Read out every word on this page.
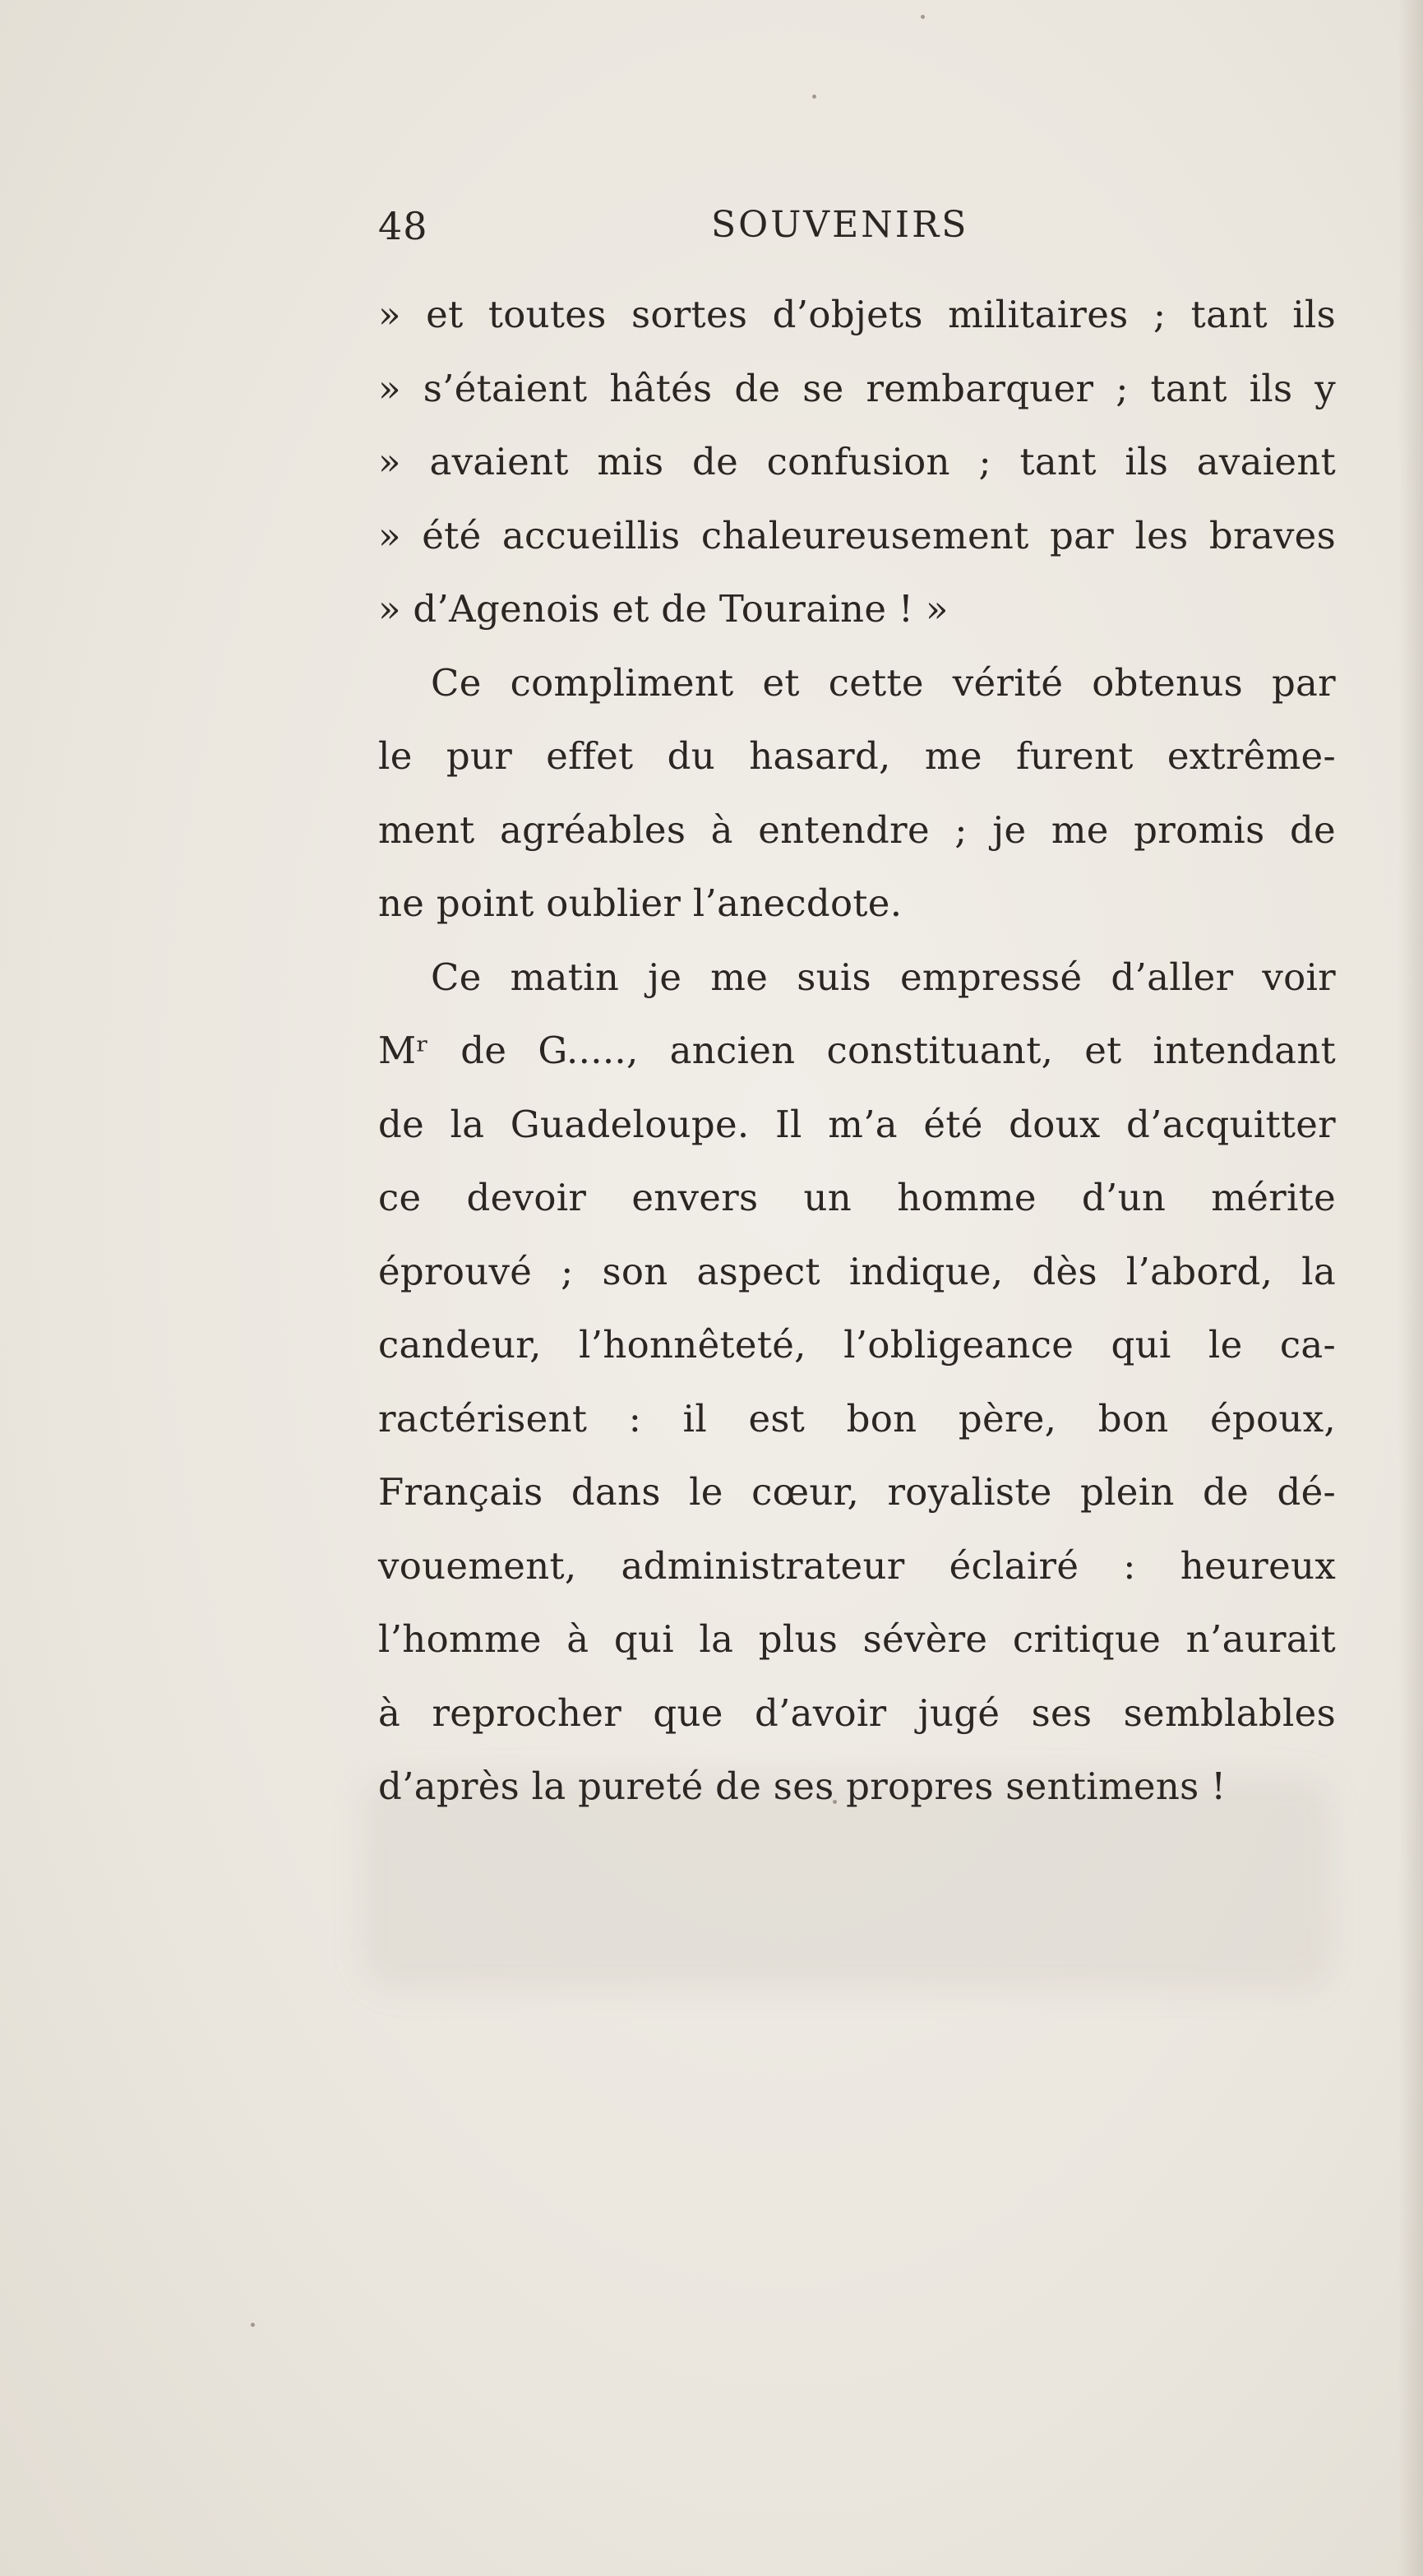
48	SOUVENIRS
» et toutes sortes d’objets militaires ; tant ils
» s’étaient hâtés de se rembarquer ; tant ils y
» avaient mis de confusion ; tant ils avaient
» été accueillis chaleureusement par les braves
» d’Agenois et de Touraine ! »
Ce compliment et cette vérité obtenus par
le pur effet du hasard, me furent extrême-
ment agréables à entendre ; je me promis de
ne point oublier l’anecdote.
Ce matin je me suis empressé d’aller voir
Mʳ de G....., ancien constituant, et intendant
de la Guadeloupe. Il m’a été doux d’acquitter
ce devoir envers un homme d’un mérite
éprouvé ; son aspect indique, dès l’abord, la
candeur, l’honnêteté, l’obligeance qui le ca-
ractérisent : il est bon père, bon époux,
Français dans le cœur, royaliste plein de dé-
vouement, administrateur éclairé : heureux
l’homme à qui la plus sévère critique n’aurait
à reprocher que d’avoir jugé ses semblables
d’après la pureté de ses propres sentimens !
